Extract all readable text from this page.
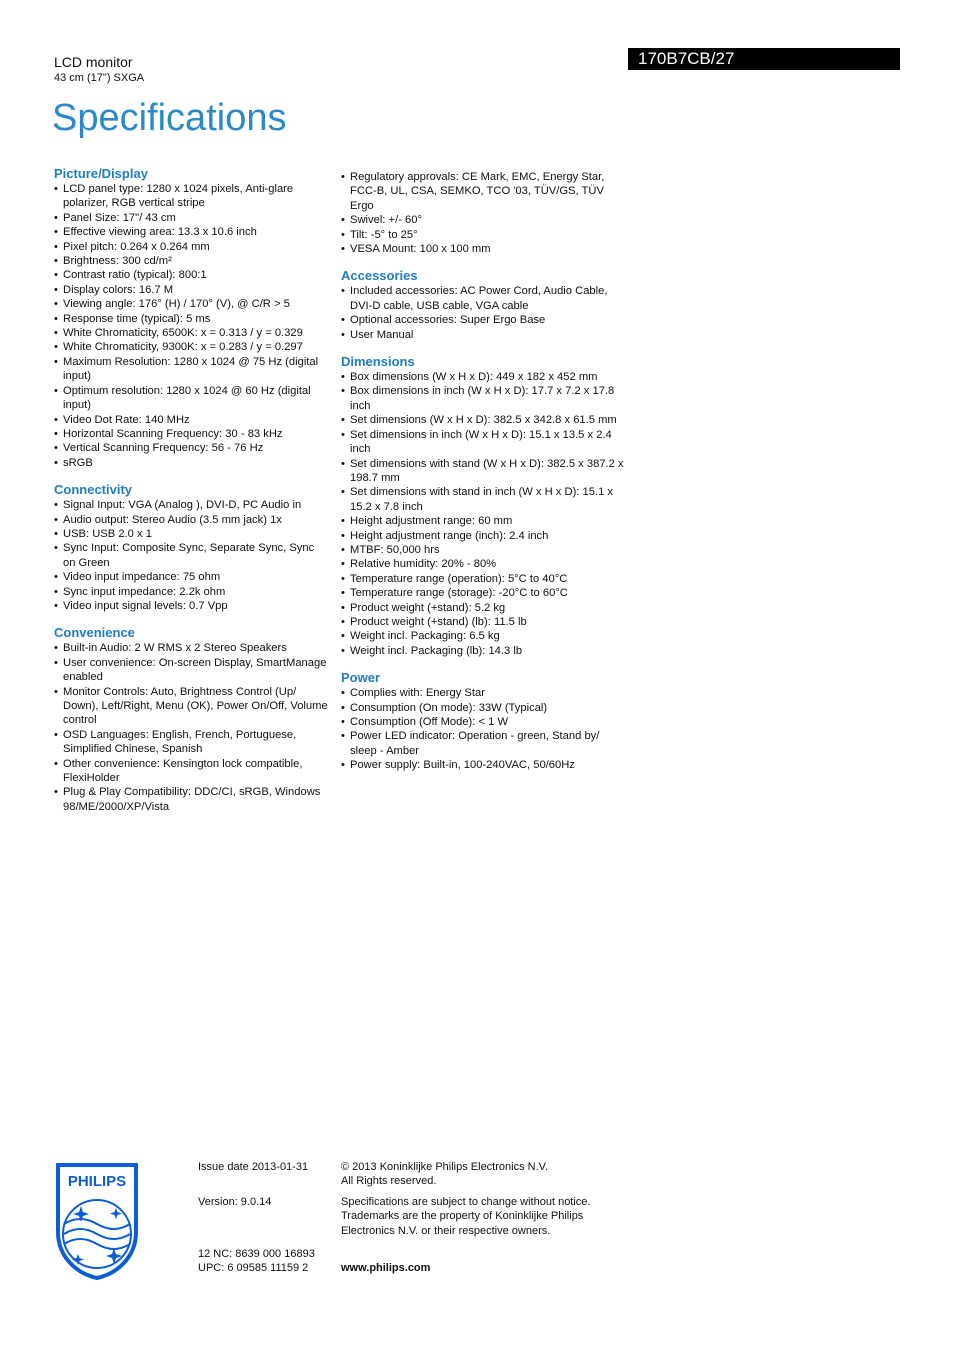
LCD monitor
43 cm (17") SXGA
Specifications
170B7CB/27
Picture/Display
• LCD panel type: 1280 x 1024 pixels, Anti-glare polarizer, RGB vertical stripe
• Panel Size: 17"/ 43 cm
• Effective viewing area: 13.3 x 10.6 inch
• Pixel pitch: 0.264 x 0.264 mm
• Brightness: 300 cd/m²
• Contrast ratio (typical): 800:1
• Display colors: 16.7 M
• Viewing angle: 176° (H) / 170° (V), @ C/R > 5
• Response time (typical): 5 ms
• White Chromaticity, 6500K: x = 0.313 / y = 0.329
• White Chromaticity, 9300K: x = 0.283 / y = 0.297
• Maximum Resolution: 1280 x 1024 @ 75 Hz (digital input)
• Optimum resolution: 1280 x 1024 @ 60 Hz (digital input)
• Video Dot Rate: 140 MHz
• Horizontal Scanning Frequency: 30 - 83 kHz
• Vertical Scanning Frequency: 56 - 76 Hz
• sRGB
Connectivity
• Signal Input: VGA (Analog ), DVI-D, PC Audio in
• Audio output: Stereo Audio (3.5 mm jack) 1x
• USB: USB 2.0 x 1
• Sync Input: Composite Sync, Separate Sync, Sync on Green
• Video input impedance: 75 ohm
• Sync input impedance: 2.2k ohm
• Video input signal levels: 0.7 Vpp
Convenience
• Built-in Audio: 2 W RMS x 2 Stereo Speakers
• User convenience: On-screen Display, SmartManage enabled
• Monitor Controls: Auto, Brightness Control (Up/ Down), Left/Right, Menu (OK), Power On/Off, Volume control
• OSD Languages: English, French, Portuguese, Simplified Chinese, Spanish
• Other convenience: Kensington lock compatible, FlexiHolder
• Plug & Play Compatibility: DDC/CI, sRGB, Windows 98/ME/2000/XP/Vista
• Regulatory approvals: CE Mark, EMC, Energy Star, FCC-B, UL, CSA, SEMKO, TCO '03, TÜV/GS, TÜV Ergo
• Swivel: +/- 60°
• Tilt: -5° to 25°
• VESA Mount: 100 x 100 mm
Accessories
• Included accessories: AC Power Cord, Audio Cable, DVI-D cable, USB cable, VGA cable
• Optional accessories: Super Ergo Base
• User Manual
Dimensions
• Box dimensions (W x H x D): 449 x 182 x 452 mm
• Box dimensions in inch (W x H x D): 17.7 x 7.2 x 17.8 inch
• Set dimensions (W x H x D): 382.5 x 342.8 x 61.5 mm
• Set dimensions in inch (W x H x D): 15.1 x 13.5 x 2.4 inch
• Set dimensions with stand (W x H x D): 382.5 x 387.2 x 198.7 mm
• Set dimensions with stand in inch (W x H x D): 15.1 x 15.2 x 7.8 inch
• Height adjustment range: 60 mm
• Height adjustment range (inch): 2.4 inch
• MTBF: 50,000 hrs
• Relative humidity: 20% - 80%
• Temperature range (operation): 5°C to 40°C
• Temperature range (storage): -20°C to 60°C
• Product weight (+stand): 5.2 kg
• Product weight (+stand) (lb): 11.5 lb
• Weight incl. Packaging: 6.5 kg
• Weight incl. Packaging (lb): 14.3 lb
Power
• Complies with: Energy Star
• Consumption (On mode): 33W (Typical)
• Consumption (Off Mode): < 1 W
• Power LED indicator: Operation - green, Stand by/ sleep - Amber
• Power supply: Built-in, 100-240VAC, 50/60Hz
PHILIPS
Issue date 2013-01-31
Version: 9.0.14
12 NC: 8639 000 16893
UPC: 6 09585 11159 2
© 2013 Koninklijke Philips Electronics N.V.
All Rights reserved.
Specifications are subject to change without notice.
Trademarks are the property of Koninklijke Philips
Electronics N.V. or their respective owners.
www.philips.com
